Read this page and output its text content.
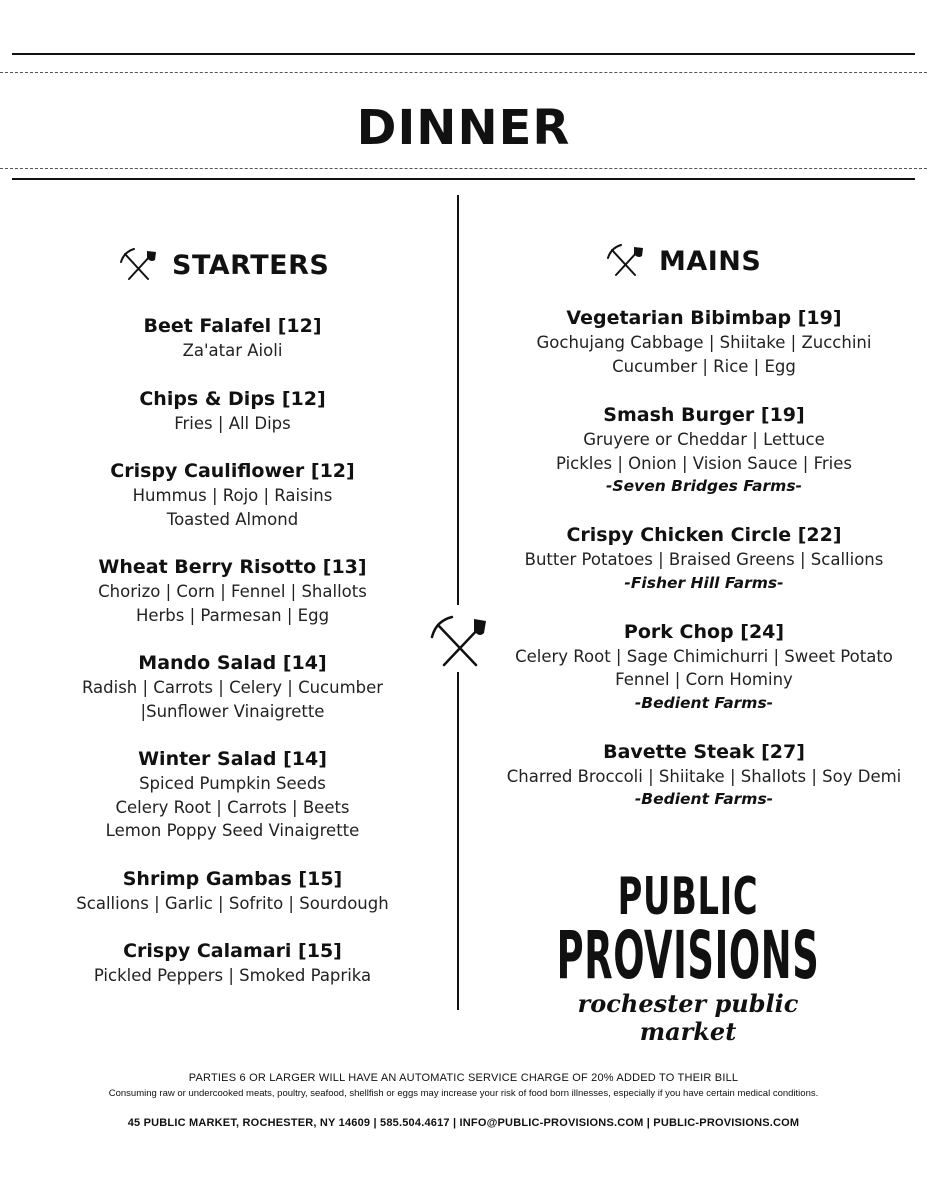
DINNER
STARTERS
Beet Falafel [12]
Za'atar Aioli
Chips & Dips [12]
Fries | All Dips
Crispy Cauliflower [12]
Hummus | Rojo | Raisins
Toasted Almond
Wheat Berry Risotto [13]
Chorizo | Corn | Fennel | Shallots
Herbs | Parmesan | Egg
Mando Salad [14]
Radish | Carrots | Celery | Cucumber
|Sunflower Vinaigrette
Winter Salad [14]
Spiced Pumpkin Seeds
Celery Root | Carrots | Beets
Lemon Poppy Seed Vinaigrette
Shrimp Gambas [15]
Scallions | Garlic | Sofrito | Sourdough
Crispy Calamari [15]
Pickled Peppers | Smoked Paprika
MAINS
Vegetarian Bibimbap [19]
Gochujang Cabbage | Shiitake | Zucchini
Cucumber | Rice | Egg
Smash Burger [19]
Gruyere or Cheddar | Lettuce
Pickles | Onion | Vision Sauce | Fries
-Seven Bridges Farms-
Crispy Chicken Circle [22]
Butter Potatoes | Braised Greens | Scallions
-Fisher Hill Farms-
Pork Chop [24]
Celery Root | Sage Chimichurri | Sweet Potato
Fennel | Corn Hominy
-Bedient Farms-
Bavette Steak [27]
Charred Broccoli | Shiitake | Shallots | Soy Demi
-Bedient Farms-
PUBLIC
PROVISIONS
rochester public market
PARTIES 6 OR LARGER WILL HAVE AN AUTOMATIC SERVICE CHARGE OF 20% ADDED TO THEIR BILL
Consuming raw or undercooked meats, poultry, seafood, shellfish or eggs may increase your risk of food born illnesses, especially if you have certain medical conditions.
45 PUBLIC MARKET, ROCHESTER, NY 14609 | 585.504.4617 | INFO@PUBLIC-PROVISIONS.COM | PUBLIC-PROVISIONS.COM
